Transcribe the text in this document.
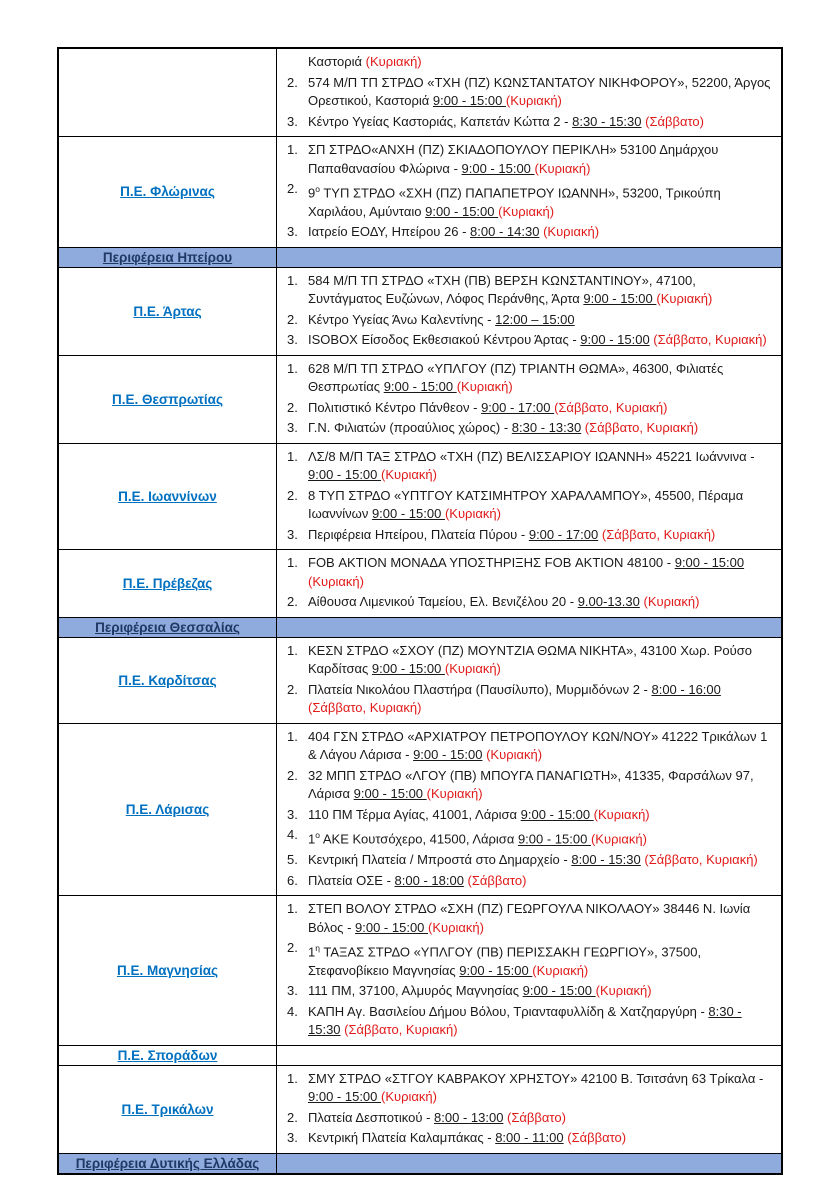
Καστοριά (Κυριακή)
2. 574 Μ/Π ΤΠ ΣΤΡΔΟ «ΤΧΗ (ΠΖ) ΚΩΝΣΤΑΝΤΑΤΟΥ ΝΙΚΗΦΟΡΟΥ», 52200, Άργος Ορεστικού, Καστοριά 9:00 - 15:00 (Κυριακή)
3. Κέντρο Υγείας Καστοριάς, Καπετάν Κώττα 2 - 8:30 - 15:30 (Σάββατο)
Π.Ε. Φλώρινας
1. ΣΠ ΣΤΡΔΟ«ΑΝΧΗ (ΠΖ) ΣΚΙΑΔΟΠΟΥΛΟΥ ΠΕΡΙΚΛΗ» 53100 Δημάρχου Παπαθανασίου Φλώρινα - 9:00 - 15:00 (Κυριακή)
2. $9^o$ ΤΥΠ ΣΤΡΔΟ «ΣΧΗ (ΠΖ) ΠΑΠΑΠΕΤΡΟΥ ΙΩΑΝΝΗ», 53200, Τρικούπη Χαριλάου, Αμύνταιο 9:00 - 15:00 (Κυριακή)
3. Ιατρείο ΕΟΔΥ, Ηπείρου 26 - 8:00 - 14:30 (Κυριακή)
Περιφέρεια Ηπείρου
Π.Ε. Άρτας
1. 584 Μ/Π ΤΠ ΣΤΡΔΟ «ΤΧΗ (ΠΒ) ΒΕΡΣΗ ΚΩΝΣΤΑΝΤΙΝΟΥ», 47100, Συντάγματος Ευζώνων, Λόφος Περάνθης, Άρτα 9:00 - 15:00 (Κυριακή)
2. Κέντρο Υγείας Άνω Καλεντίνης - 12:00 – 15:00
3. ISOBOX Είσοδος Εκθεσιακού Κέντρου Άρτας - 9:00 - 15:00 (Σάββατο, Κυριακή)
Π.Ε. Θεσπρωτίας
1. 628 Μ/Π ΤΠ ΣΤΡΔΟ «ΥΠΛΓΟΥ (ΠΖ) ΤΡΙΑΝΤΗ ΘΩΜΑ», 46300, Φιλιατές Θεσπρωτίας 9:00 - 15:00 (Κυριακή)
2. Πολιτιστικό Κέντρο Πάνθεον - 9:00 - 17:00 (Σάββατο, Κυριακή)
3. Γ.Ν. Φιλιατών (προαύλιος χώρος) - 8:30 - 13:30 (Σάββατο, Κυριακή)
Π.Ε. Ιωαννίνων
1. ΛΣ/8 Μ/Π ΤΑΞ ΣΤΡΔΟ «ΤΧΗ (ΠΖ) ΒΕΛΙΣΣΑΡΙΟΥ ΙΩΑΝΝΗ» 45221 Ιωάννινα - 9:00 - 15:00 (Κυριακή)
2. 8 ΤΥΠ ΣΤΡΔΟ «ΥΠΤΓΟΥ ΚΑΤΣΙΜΗΤΡΟΥ ΧΑΡΑΛΑΜΠΟΥ», 45500, Πέραμα Ιωαννίνων 9:00 - 15:00 (Κυριακή)
3. Περιφέρεια Ηπείρου, Πλατεία Πύρου - 9:00 - 17:00 (Σάββατο, Κυριακή)
Π.Ε. Πρέβεζας
1. FOB ΑΚΤΙΟΝ ΜΟΝΑΔΑ ΥΠΟΣΤΗΡΙΞΗΣ FOB ΑΚΤΙΟΝ 48100 - 9:00 - 15:00 (Κυριακή)
2. Αίθουσα Λιμενικού Ταμείου, Ελ. Βενιζέλου 20 - 9.00-13.30 (Κυριακή)
Περιφέρεια Θεσσαλίας
Π.Ε. Καρδίτσας
1. ΚΕΣΝ ΣΤΡΔΟ «ΣΧΟΥ (ΠΖ) ΜΟΥΝΤΖΙΑ ΘΩΜΑ ΝΙΚΗΤΑ», 43100 Χωρ. Ρούσο Καρδίτσας 9:00 - 15:00 (Κυριακή)
2. Πλατεία Νικολάου Πλαστήρα (Παυσίλυπο), Μυρμιδόνων 2 - 8:00 - 16:00 (Σάββατο, Κυριακή)
Π.Ε. Λάρισας
1. 404 ΓΣΝ ΣΤΡΔΟ «ΑΡΧΙΑΤΡΟΥ ΠΕΤΡΟΠΟΥΛΟΥ ΚΩΝ/ΝΟΥ» 41222 Τρικάλων 1 & Λάγου Λάρισα - 9:00 - 15:00 (Κυριακή)
2. 32 ΜΠΠ ΣΤΡΔΟ «ΛΓΟΥ (ΠΒ) ΜΠΟΥΓΑ ΠΑΝΑΓΙΩΤΗ», 41335, Φαρσάλων 97, Λάρισα 9:00 - 15:00 (Κυριακή)
3. 110 ΠΜ Τέρμα Αγίας, 41001, Λάρισα 9:00 - 15:00 (Κυριακή)
4. $1^o$ ΑΚΕ Κουτσόχερο, 41500, Λάρισα 9:00 - 15:00 (Κυριακή)
5. Κεντρική Πλατεία / Μπροστά στο Δημαρχείο - 8:00 - 15:30 (Σάββατο, Κυριακή)
6. Πλατεία ΟΣΕ - 8:00 - 18:00 (Σάββατο)
Π.Ε. Μαγνησίας
1. ΣΤΕΠ ΒΟΛΟΥ ΣΤΡΔΟ «ΣΧΗ (ΠΖ) ΓΕΩΡΓΟΥΛΑ ΝΙΚΟΛΑΟΥ» 38446 Ν. Ιωνία Βόλος - 9:00 - 15:00 (Κυριακή)
2. $1^\eta$ ΤΑΞΑΣ ΣΤΡΔΟ «ΥΠΛΓΟΥ (ΠΒ) ΠΕΡΙΣΣΑΚΗ ΓΕΩΡΓΙΟΥ», 37500, Στεφανοβίκειο Μαγνησίας 9:00 - 15:00 (Κυριακή)
3. 111 ΠΜ, 37100, Αλμυρός Μαγνησίας 9:00 - 15:00 (Κυριακή)
4. ΚΑΠΗ Αγ. Βασιλείου Δήμου Βόλου, Τριανταφυλλίδη & Χατζηαργύρη - 8:30 - 15:30 (Σάββατο, Κυριακή)
Π.Ε. Σποράδων
Π.Ε. Τρικάλων
1. ΣΜΥ ΣΤΡΔΟ «ΣΤΓΟΥ ΚΑΒΡΑΚΟΥ ΧΡΗΣΤΟΥ» 42100 Β. Τσιτσάνη 63 Τρίκαλα - 9:00 - 15:00 (Κυριακή)
2. Πλατεία Δεσποτικού - 8:00 - 13:00 (Σάββατο)
3. Κεντρική Πλατεία Καλαμπάκας - 8:00 - 11:00 (Σάββατο)
Περιφέρεια Δυτικής Ελλάδας
